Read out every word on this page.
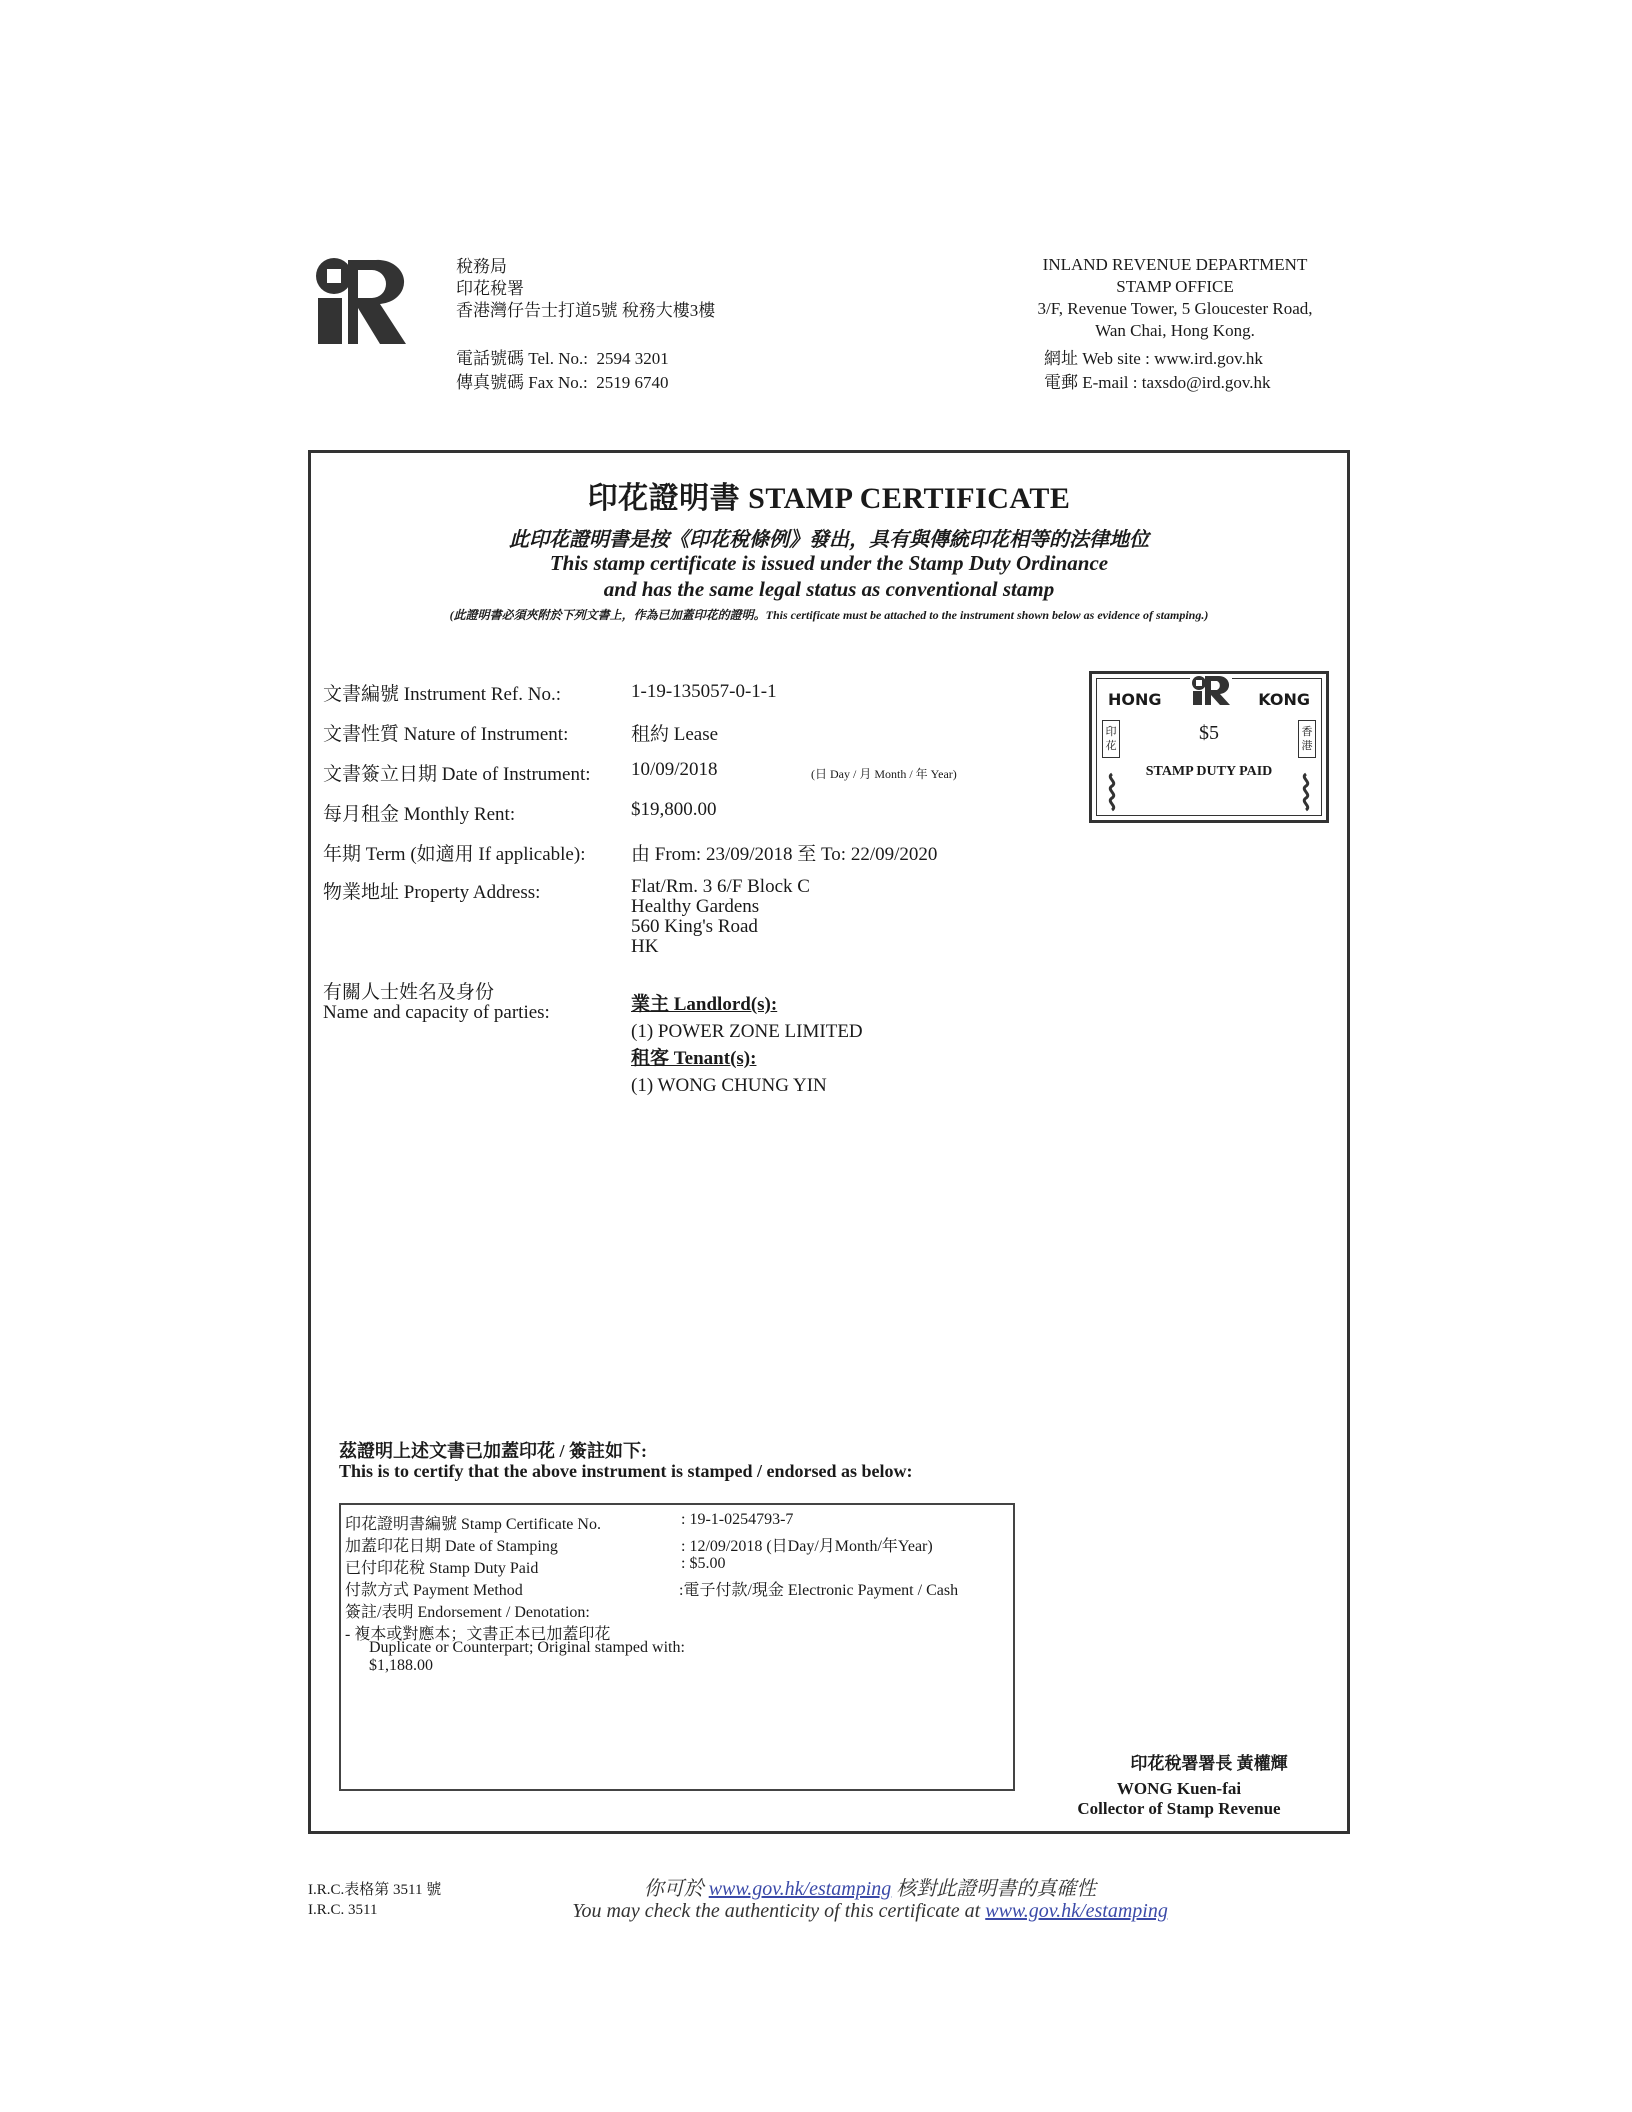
稅務局
印花稅署
香港灣仔告士打道5號 稅務大樓3樓
電話號碼 Tel. No.: 2594 3201
傳真號碼 Fax No.: 2519 6740
INLAND REVENUE DEPARTMENT
STAMP OFFICE
3/F, Revenue Tower, 5 Gloucester Road,
Wan Chai, Hong Kong.
網址 Web site : www.ird.gov.hk
電郵 E-mail : taxsdo@ird.gov.hk
印花證明書 STAMP CERTIFICATE
此印花證明書是按《印花稅條例》發出，具有與傳統印花相等的法律地位
This stamp certificate is issued under the Stamp Duty Ordinance
and has the same legal status as conventional stamp
(此證明書必須夾附於下列文書上，作為已加蓋印花的證明。This certificate must be attached to the instrument shown below as evidence of stamping.)
文書編號 Instrument Ref. No.:	1-19-135057-0-1-1
文書性質 Nature of Instrument:	租約 Lease
文書簽立日期 Date of Instrument: 10/09/2018	(日 Day / 月 Month / 年 Year)
每月租金 Monthly Rent:	$19,800.00
年期 Term (如適用 If applicable): 由 From: 23/09/2018 至 To: 22/09/2020
物業地址 Property Address:	Flat/Rm. 3 6/F Block C
Healthy Gardens
560 King's Road
HK
有關人士姓名及身份
Name and capacity of parties:	業主 Landlord(s):
(1) POWER ZONE LIMITED
租客 Tenant(s):
(1) WONG CHUNG YIN
HONG	KONG
印花
香港
$5
STAMP DUTY PAID
茲證明上述文書已加蓋印花 / 簽註如下:
This is to certify that the above instrument is stamped / endorsed as below:
印花證明書編號 Stamp Certificate No.	: 19-1-0254793-7
加蓋印花日期 Date of Stamping	: 12/09/2018 (日Day/月Month/年Year)
已付印花稅 Stamp Duty Paid	: $5.00
付款方式 Payment Method	:電子付款/現金 Electronic Payment / Cash
簽註/表明 Endorsement / Denotation:
- 複本或對應本；文書正本已加蓋印花
Duplicate or Counterpart; Original stamped with:
$1,188.00
印花稅署署長 黃權輝
WONG Kuen-fai
Collector of Stamp Revenue
I.R.C.表格第 3511 號
I.R.C. 3511
你可於 www.gov.hk/estamping 核對此證明書的真確性
You may check the authenticity of this certificate at www.gov.hk/estamping
